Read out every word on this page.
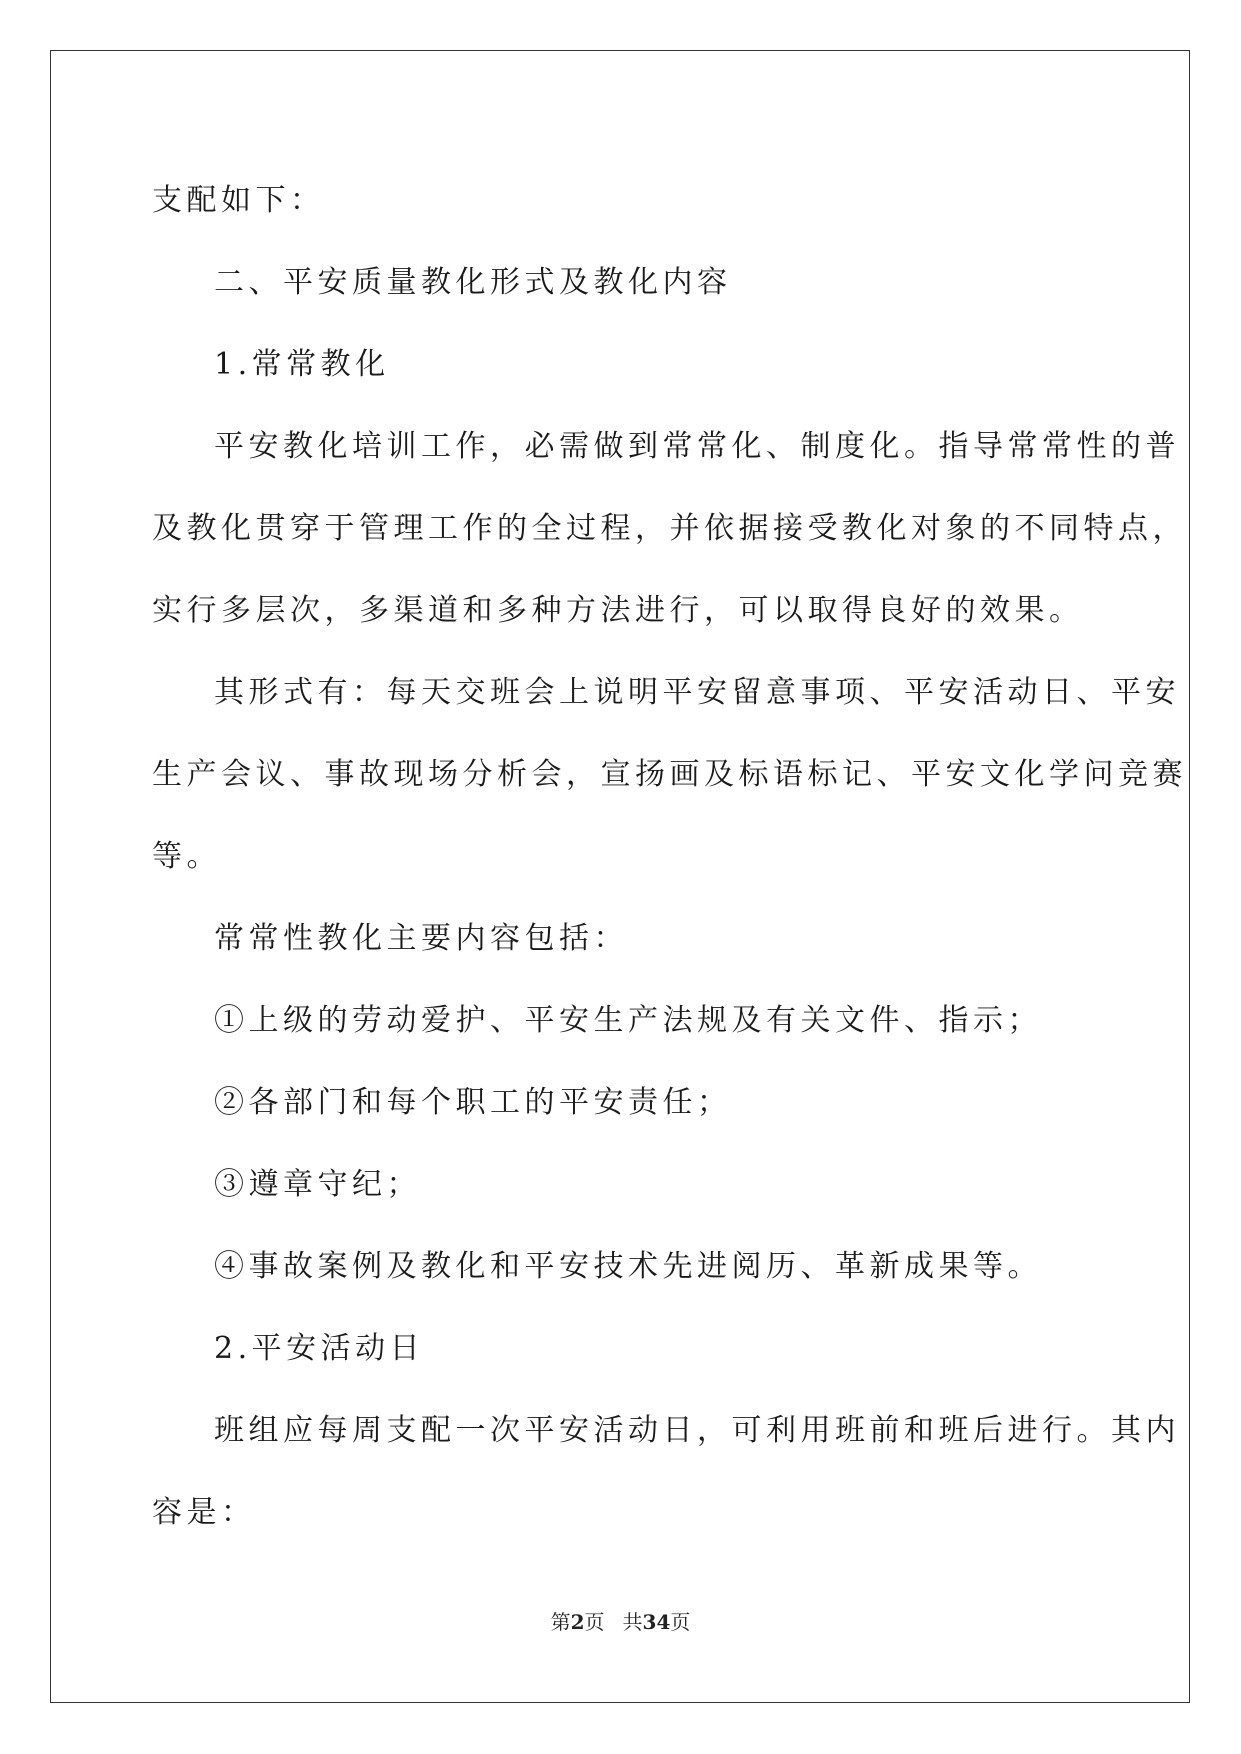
支配如下：
二、平安质量教化形式及教化内容
1.常常教化
平安教化培训工作，必需做到常常化、制度化。指导常常性的普
及教化贯穿于管理工作的全过程，并依据接受教化对象的不同特点，
实行多层次，多渠道和多种方法进行，可以取得良好的效果。
其形式有：每天交班会上说明平安留意事项、平安活动日、平安
生产会议、事故现场分析会，宣扬画及标语标记、平安文化学问竞赛
等。
常常性教化主要内容包括：
①上级的劳动爱护、平安生产法规及有关文件、指示；
②各部门和每个职工的平安责任；
③遵章守纪；
④事故案例及教化和平安技术先进阅历、革新成果等。
2.平安活动日
班组应每周支配一次平安活动日，可利用班前和班后进行。其内
容是：
第2页 共34页
